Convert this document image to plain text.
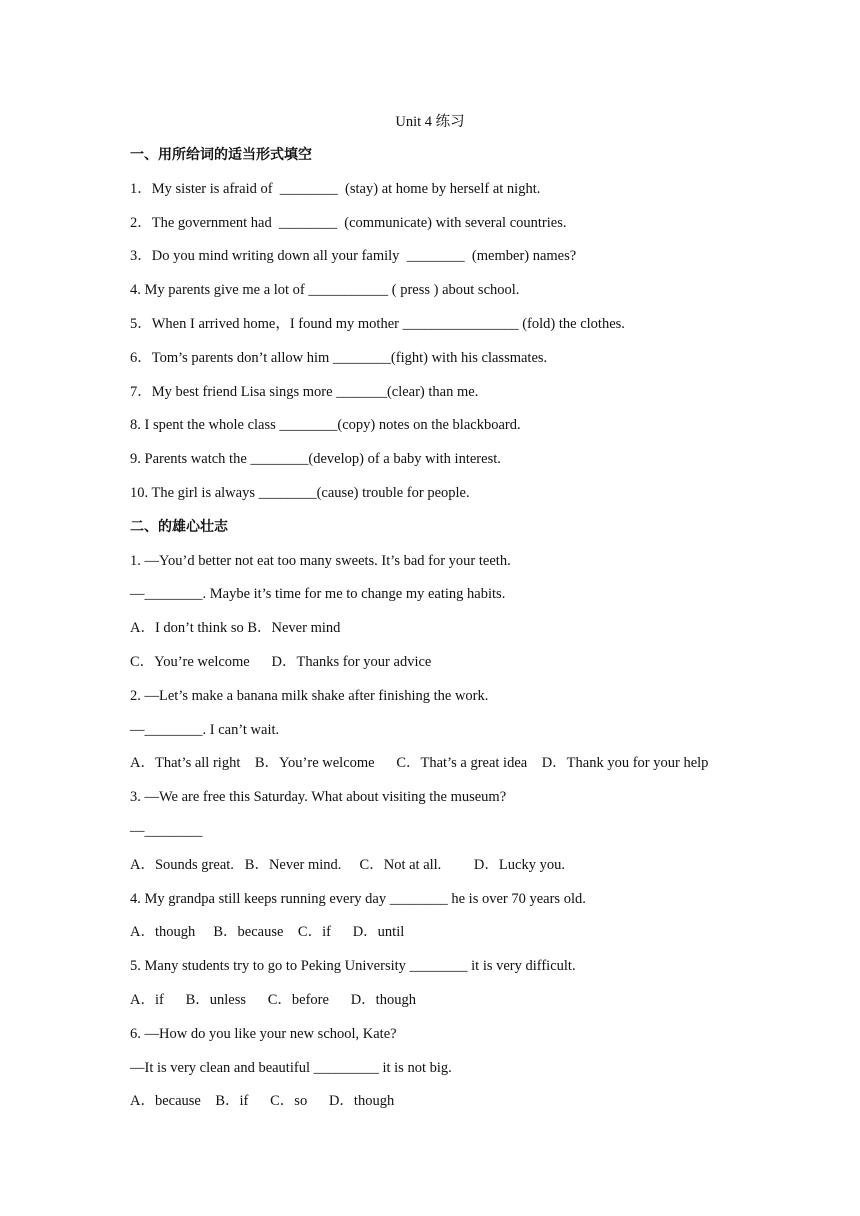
Unit 4 练习
一、用所给词的适当形式填空
1．My sister is afraid of  ________  (stay) at home by herself at night.
2．The government had  ________  (communicate) with several countries.
3．Do you mind writing down all your family  ________  (member) names?
4. My parents give me a lot of ___________ ( press ) about school.
5．When I arrived home，I found my mother ________________ (fold) the clothes.
6．Tom’s parents don’t allow him ________(fight) with his classmates.
7．My best friend Lisa sings more _______(clear) than me.
8. I spent the whole class ________(copy) notes on the blackboard.
9. Parents watch the ________(develop) of a baby with interest.
10. The girl is always ________(cause) trouble for people.
二、的雄心壮志
1. —You’d better not eat too many sweets. It’s bad for your teeth.
—________. Maybe it’s time for me to change my eating habits.
A．I don’t think so B．Never mind
C．You’re welcome      D．Thanks for your advice
2. —Let’s make a banana milk shake after finishing the work.
—________. I can’t wait.
A．That’s all right    B．You’re welcome      C．That’s a great idea    D．Thank you for your help
3. —We are free this Saturday. What about visiting the museum?
—________
A．Sounds great.   B．Never mind.     C．Not at all.         D．Lucky you.
4. My grandpa still keeps running every day ________ he is over 70 years old.
A．though     B．because    C．if      D．until
5. Many students try to go to Peking University ________ it is very difficult.
A．if      B．unless      C．before      D．though
6. —How do you like your new school, Kate?
—It is very clean and beautiful _________ it is not big.
A．because    B．if      C．so      D．though
